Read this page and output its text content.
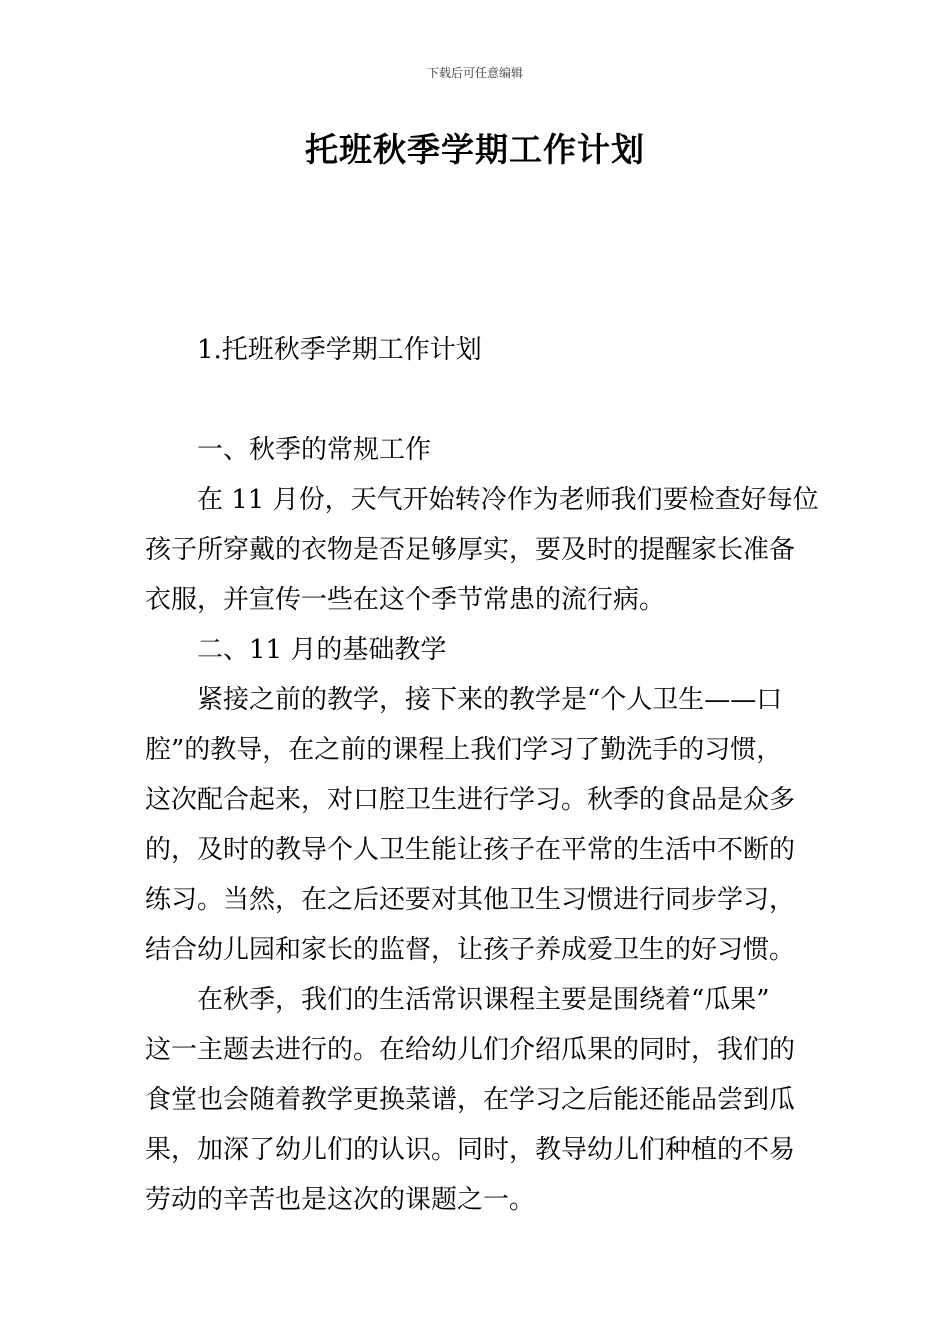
下载后可任意编辑
托班秋季学期工作计划

1.托班秋季学期工作计划

一、秋季的常规工作

在 11 月份，天气开始转冷作为老师我们要检查好每位

孩子所穿戴的衣物是否足够厚实，要及时的提醒家长准备

衣服，并宣传一些在这个季节常患的流行病。

二、11 月的基础教学

紧接之前的教学，接下来的教学是“个人卫生——口

腔”的教导，在之前的课程上我们学习了勤洗手的习惯，

这次配合起来，对口腔卫生进行学习。秋季的食品是众多

的，及时的教导个人卫生能让孩子在平常的生活中不断的

练习。当然，在之后还要对其他卫生习惯进行同步学习，

结合幼儿园和家长的监督，让孩子养成爱卫生的好习惯。

在秋季，我们的生活常识课程主要是围绕着“瓜果”

这一主题去进行的。在给幼儿们介绍瓜果的同时，我们的

食堂也会随着教学更换菜谱，在学习之后能还能品尝到瓜

果，加深了幼儿们的认识。同时，教导幼儿们种植的不易

劳动的辛苦也是这次的课题之一。
